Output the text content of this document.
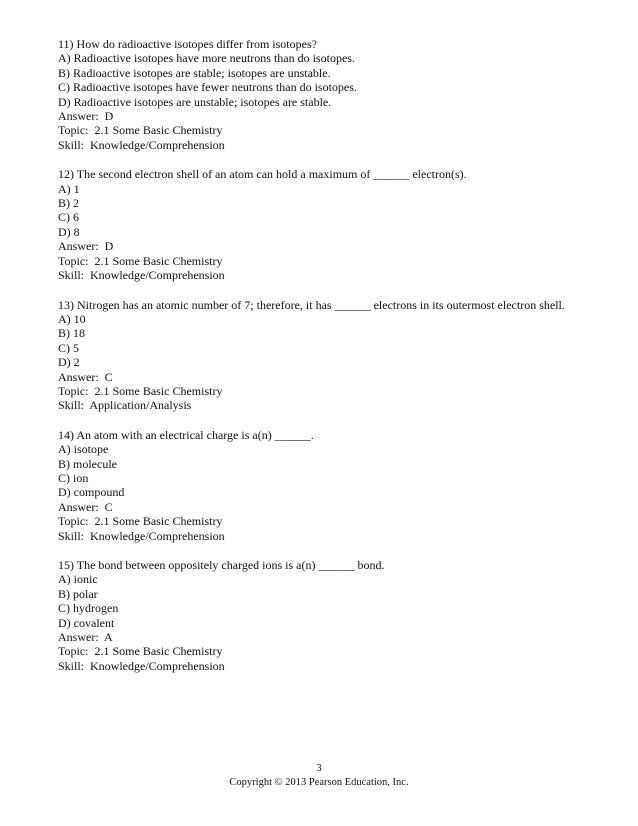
11) How do radioactive isotopes differ from isotopes?
A) Radioactive isotopes have more neutrons than do isotopes.
B) Radioactive isotopes are stable; isotopes are unstable.
C) Radioactive isotopes have fewer neutrons than do isotopes.
D) Radioactive isotopes are unstable; isotopes are stable.
Answer:  D
Topic:  2.1 Some Basic Chemistry
Skill:  Knowledge/Comprehension
12) The second electron shell of an atom can hold a maximum of ______ electron(s).
A) 1
B) 2
C) 6
D) 8
Answer:  D
Topic:  2.1 Some Basic Chemistry
Skill:  Knowledge/Comprehension
13) Nitrogen has an atomic number of 7; therefore, it has ______ electrons in its outermost electron shell.
A) 10
B) 18
C) 5
D) 2
Answer:  C
Topic:  2.1 Some Basic Chemistry
Skill:  Application/Analysis
14) An atom with an electrical charge is a(n) ______.
A) isotope
B) molecule
C) ion
D) compound
Answer:  C
Topic:  2.1 Some Basic Chemistry
Skill:  Knowledge/Comprehension
15) The bond between oppositely charged ions is a(n) ______ bond.
A) ionic
B) polar
C) hydrogen
D) covalent
Answer:  A
Topic:  2.1 Some Basic Chemistry
Skill:  Knowledge/Comprehension
3
Copyright © 2013 Pearson Education, Inc.
